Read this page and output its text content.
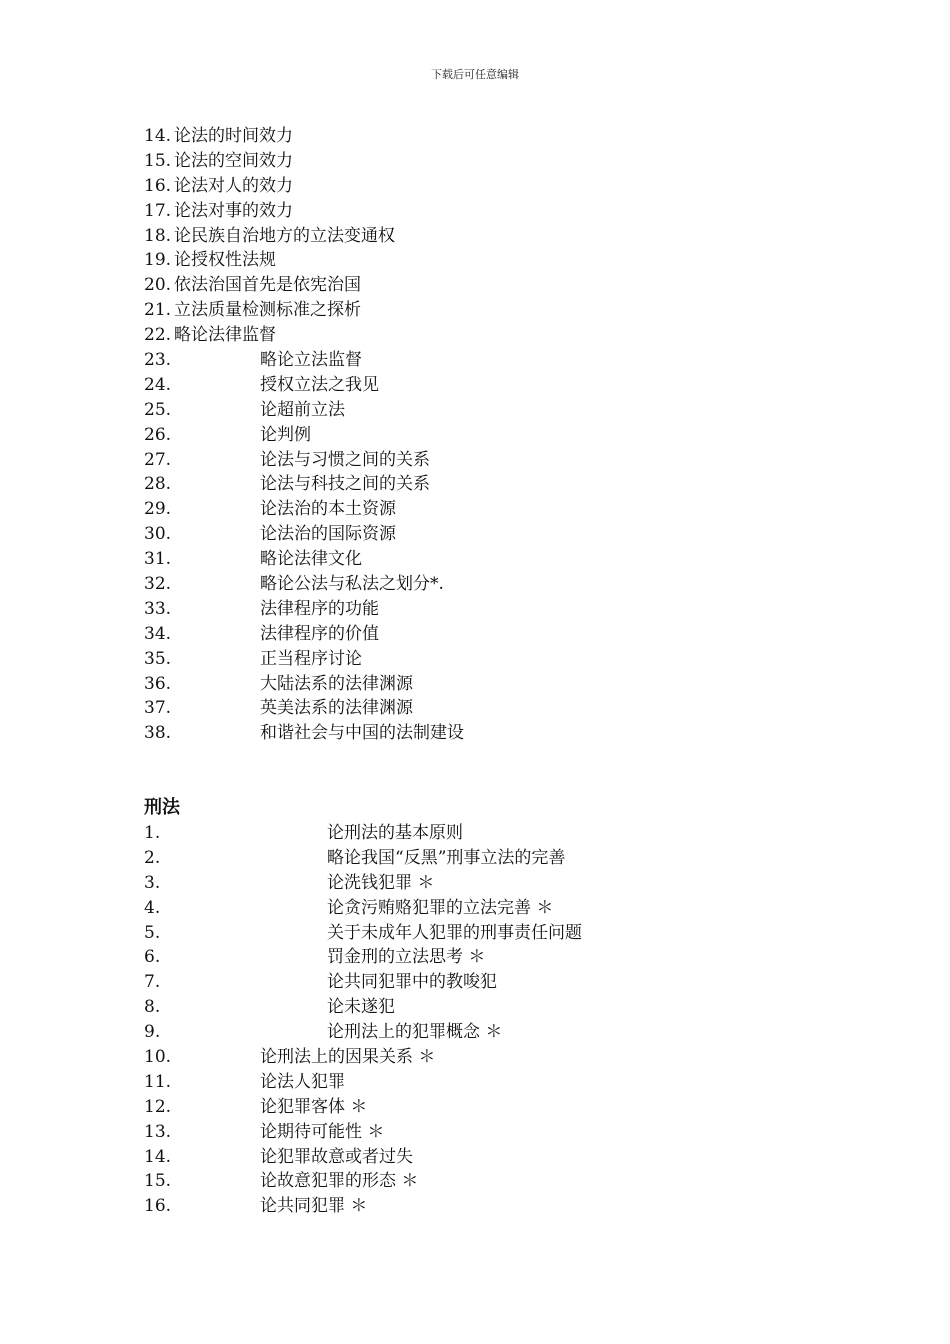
下载后可任意编辑
14. 论法的时间效力
15. 论法的空间效力
16. 论法对人的效力
17. 论法对事的效力
18. 论民族自治地方的立法变通权
19. 论授权性法规
20. 依法治国首先是依宪治国
21. 立法质量检测标准之探析
22. 略论法律监督
23.	略论立法监督
24.	授权立法之我见
25.	论超前立法
26.	论判例
27.	论法与习惯之间的关系
28.	论法与科技之间的关系
29.	论法治的本土资源
30.	论法治的国际资源
31.	略论法律文化
32.	略论公法与私法之划分*.
33.	法律程序的功能
34.	法律程序的价值
35.	正当程序讨论
36.	大陆法系的法律渊源
37.	英美法系的法律渊源
38.	和谐社会与中国的法制建设
刑法
1.	论刑法的基本原则
2.	略论我国“反黑”刑事立法的完善
3.	论洗钱犯罪 ＊
4.	论贪污贿赂犯罪的立法完善 ＊
5.	关于未成年人犯罪的刑事责任问题
6.	罚金刑的立法思考 ＊
7.	论共同犯罪中的教唆犯
8.	论未遂犯
9.	论刑法上的犯罪概念 ＊
10.	论刑法上的因果关系 ＊
11.	论法人犯罪
12.	论犯罪客体 ＊
13.	论期待可能性 ＊
14.	论犯罪故意或者过失
15.	论故意犯罪的形态 ＊
16.	论共同犯罪 ＊
